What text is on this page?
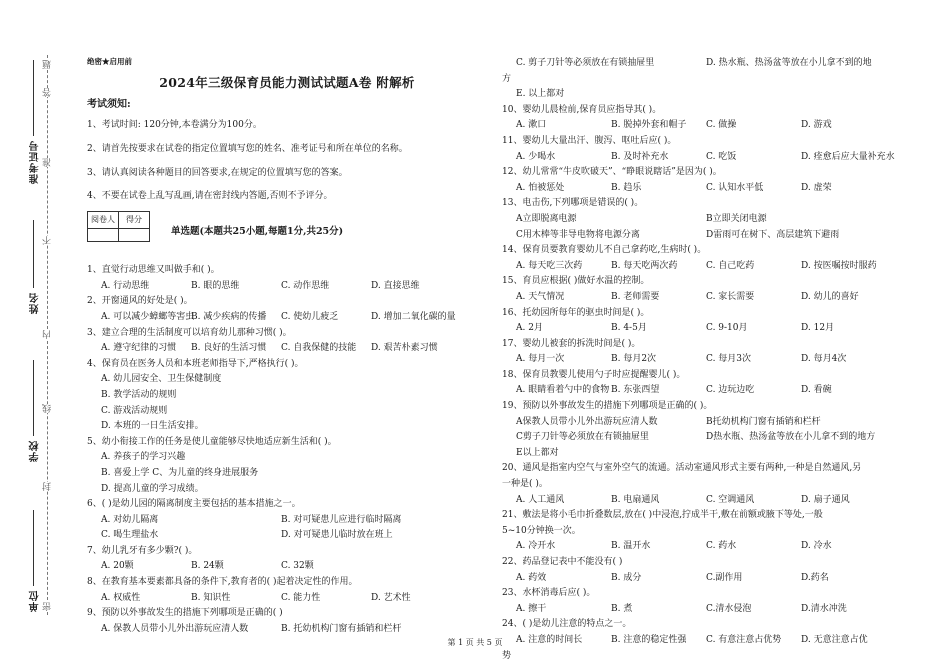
准考证号
姓名
学校
单位 密
封
线
内
不
准
答
题	绝密★启用前
2024年三级保育员能力测试试题A卷 附解析
考试须知:

1、考试时间: 120分钟,本卷满分为100分。

2、请首先按要求在试卷的指定位置填写您的姓名、准考证号和所在单位的名称。

3、请认真阅读各种题目的回答要求,在规定的位置填写您的答案。

4、不要在试卷上乱写乱画,请在密封线内答题,否则不予评分。

阅卷人	得分

单选题(本题共25小题,每题1分,共25分)
1、直觉行动思维又叫做手和( )。
A. 行动思维	B. 眼的思维	C. 动作思维	D. 直接思维
2、开窗通风的好处是( )。
A. 可以减少蟑螂等害虫B. 减少疾病的传播 C. 使幼儿疲乏	D. 增加二氧化碳的量
3、建立合理的生活制度可以培育幼儿那种习惯( )。
A. 遵守纪律的习惯 B. 良好的生活习惯 C. 自我保健的技能 D. 艰苦朴素习惯
4、保育员在医务人员和本班老师指导下,严格执行( )。
A. 幼儿园安全、卫生保健制度
B. 教学活动的规则
C. 游戏活动规则
D. 本班的一日生活安排。
5、幼小衔接工作的任务是使儿童能够尽快地适应新生活和( )。
A. 养孩子的学习兴趣
B. 喜爱上学 C、为儿童的终身进展服务
D. 提高儿童的学习成绩。
6、( )是幼儿园的隔离制度主要包括的基本措施之一。
A. 对幼儿隔离	B. 对可疑患儿应进行临时隔离
C. 喝生理盐水	D. 对可疑患儿临时放在班上
7、幼儿乳牙有多少颗?( )。
A. 20颗	B. 24颗	C. 32颗
8、在教育基本要素都具备的条件下,教育者的( )起着决定性的作用。
A. 权威性	B. 知识性	C. 能力性	D. 艺术性
9、预防以外事故发生的措施下列哪项是正确的( )
A. 保教人员带小儿外出游玩应清人数	B. 托幼机构门窗有插销和栏杆
C. 剪子刀针等必须放在有锁抽屉里	D. 热水瓶、热汤盆等放在小儿拿不到的地
方
E. 以上都对
10、婴幼儿晨检前,保育员应指导其( )。
A. 漱口	B. 脱掉外套和帽子 C. 做操	D. 游戏
11、婴幼儿大量出汗、腹泻、呕吐后应( )。
A. 少喝水	B. 及时补充水	C. 吃饭	D. 痊愈后应大量补充水
12、幼儿常常“牛皮吹破天”、“睁眼说瞎话”是因为( )。
A. 怕被惩处	B. 趋乐	C. 认知水平低	D. 虚荣
13、电击伤,下列哪项是错误的( )。
A立即脱离电源	B立即关闭电源
C用木棒等非导电物将电源分离	D雷雨可在树下、高层建筑下避雨
14、保育员要教育婴幼儿不自己拿药吃,生病时( )。
A. 每天吃三次药	B. 每天吃两次药	C. 自己吃药	D. 按医嘱按时服药
15、育员应根据( )做好水温的控制。
A. 天气情况	B. 老师需要	C. 家长需要	D. 幼儿的喜好
16、托幼园所每年的驱虫时间是( )。
A. 2月	B. 4-5月	C. 9-10月	D. 12月
17、婴幼儿被套的拆洗时间是( )。
A. 每月一次	B. 每月2次	C. 每月3次	D. 每月4次
18、保育员教婴儿使用勺子时应提醒婴儿( )。
A. 眼睛看着勺中的食物 B. 东张西望	C. 边玩边吃	D. 看碗
19、预防以外事故发生的措施下列哪项是正确的( )。
A保教人员带小儿外出游玩应清人数	B托幼机构门窗有插销和栏杆
C剪子刀针等必须放在有锁抽屉里	D热水瓶、热汤盆等放在小儿拿不到的地方
E以上都对
20、通风是指室内空气与室外空气的流通。活动室通风形式主要有两种,一种是自然通风,另
一种是( )。
A. 人工通风	B. 电扇通风	C. 空调通风	D. 扇子通风
21、敷法是将小毛巾折叠数层,放在( )中浸泡,拧成半干,敷在前额或腋下等处,一般
5~10分钟换一次。
A. 冷开水	B. 温开水	C. 药水	D. 冷水
22、药品登记表中不能没有( )
A. 药效	B. 成分	C.副作用	D.药名
23、水杯消毒后应( )。
A. 擦干	B. 煮	C.清水侵泡	D.清水冲洗
24、( )是幼儿注意的特点之一。
A. 注意的时间长	B. 注意的稳定性强 C. 有意注意占优势 D. 无意注意占优
势
第 1 页 共 5 页
